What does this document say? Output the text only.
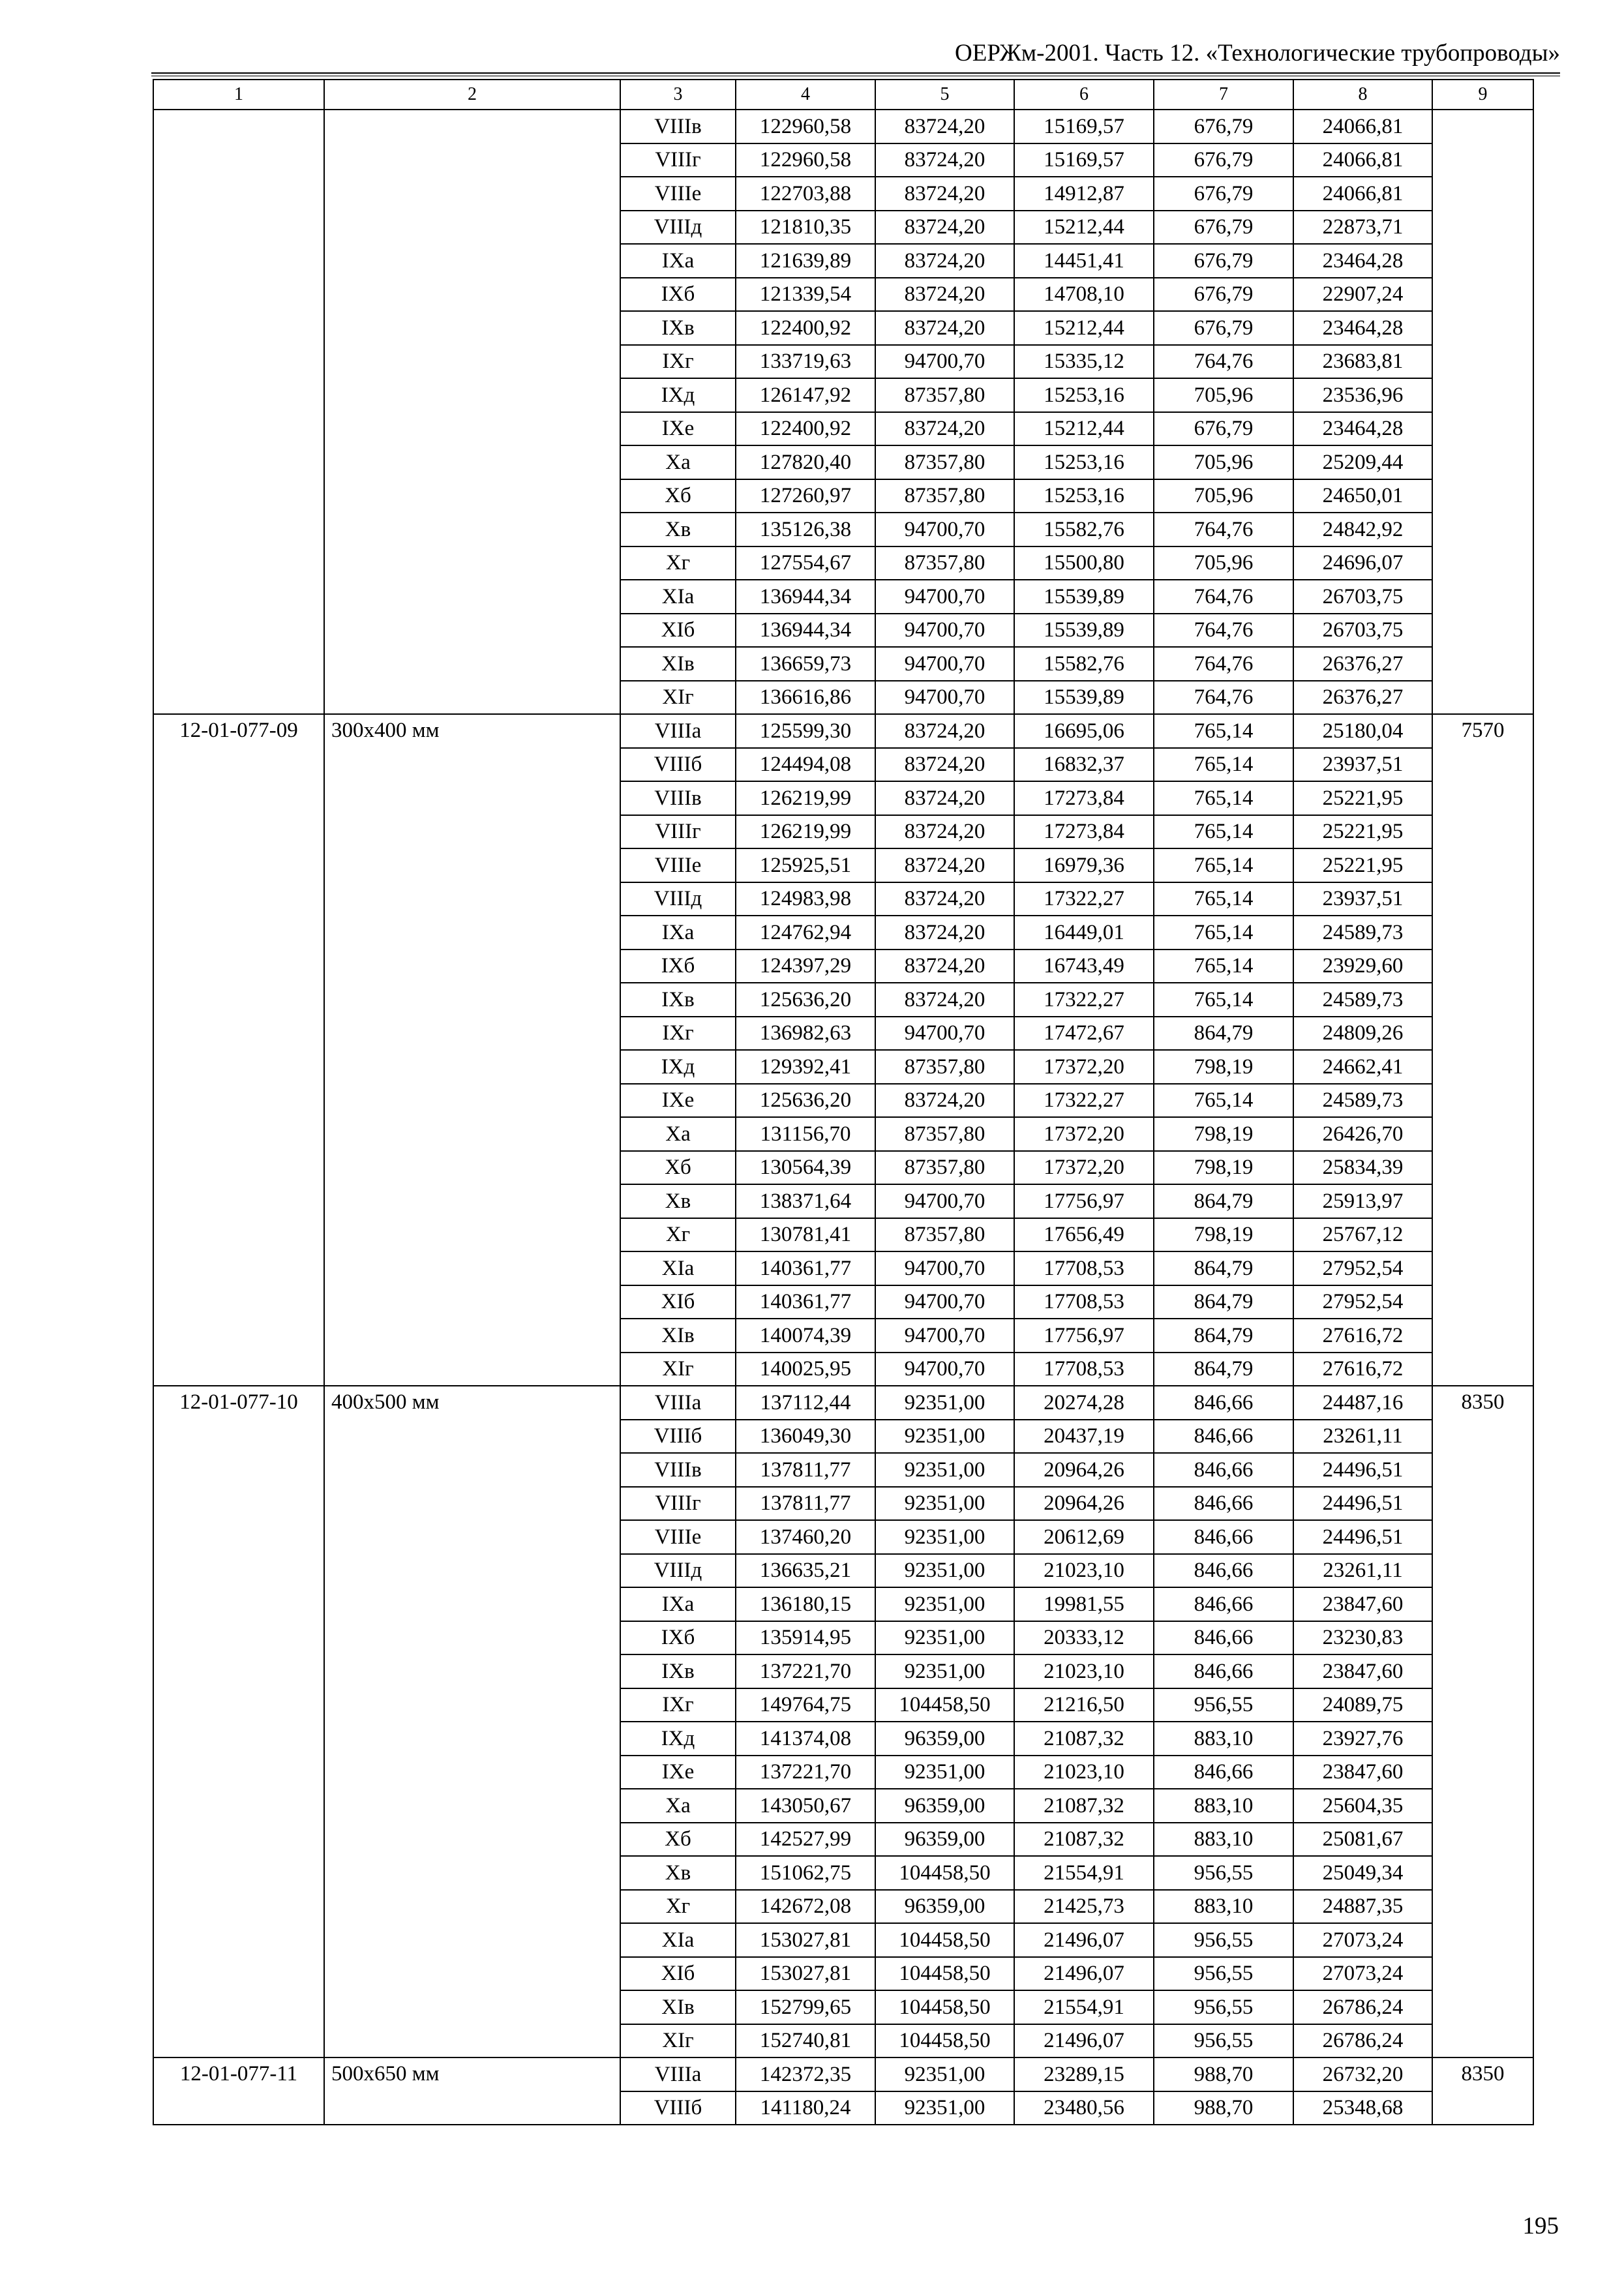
ОЕРЖм-2001. Часть 12. «Технологические трубопроводы»
1	2	3	4	5	6	7	8	9
		VIIIв	122960,58	83724,20	15169,57	676,79	24066,81	
		VIIIг	122960,58	83724,20	15169,57	676,79	24066,81	
		VIIIе	122703,88	83724,20	14912,87	676,79	24066,81	
		VIIIд	121810,35	83724,20	15212,44	676,79	22873,71	
		IXа	121639,89	83724,20	14451,41	676,79	23464,28	
		IXб	121339,54	83724,20	14708,10	676,79	22907,24	
		IXв	122400,92	83724,20	15212,44	676,79	23464,28	
		IXг	133719,63	94700,70	15335,12	764,76	23683,81	
		IXд	126147,92	87357,80	15253,16	705,96	23536,96	
		IXе	122400,92	83724,20	15212,44	676,79	23464,28	
		Xа	127820,40	87357,80	15253,16	705,96	25209,44	
		Xб	127260,97	87357,80	15253,16	705,96	24650,01	
		Xв	135126,38	94700,70	15582,76	764,76	24842,92	
		Xг	127554,67	87357,80	15500,80	705,96	24696,07	
		XIа	136944,34	94700,70	15539,89	764,76	26703,75	
		XIб	136944,34	94700,70	15539,89	764,76	26703,75	
		XIв	136659,73	94700,70	15582,76	764,76	26376,27	
		XIг	136616,86	94700,70	15539,89	764,76	26376,27	
12-01-077-09	300x400 мм	VIIIа	125599,30	83724,20	16695,06	765,14	25180,04	7570
		VIIIб	124494,08	83724,20	16832,37	765,14	23937,51	
		VIIIв	126219,99	83724,20	17273,84	765,14	25221,95	
		VIIIг	126219,99	83724,20	17273,84	765,14	25221,95	
		VIIIе	125925,51	83724,20	16979,36	765,14	25221,95	
		VIIIд	124983,98	83724,20	17322,27	765,14	23937,51	
		IXа	124762,94	83724,20	16449,01	765,14	24589,73	
		IXб	124397,29	83724,20	16743,49	765,14	23929,60	
		IXв	125636,20	83724,20	17322,27	765,14	24589,73	
		IXг	136982,63	94700,70	17472,67	864,79	24809,26	
		IXд	129392,41	87357,80	17372,20	798,19	24662,41	
		IXе	125636,20	83724,20	17322,27	765,14	24589,73	
		Xа	131156,70	87357,80	17372,20	798,19	26426,70	
		Xб	130564,39	87357,80	17372,20	798,19	25834,39	
		Xв	138371,64	94700,70	17756,97	864,79	25913,97	
		Xг	130781,41	87357,80	17656,49	798,19	25767,12	
		XIа	140361,77	94700,70	17708,53	864,79	27952,54	
		XIб	140361,77	94700,70	17708,53	864,79	27952,54	
		XIв	140074,39	94700,70	17756,97	864,79	27616,72	
		XIг	140025,95	94700,70	17708,53	864,79	27616,72	
12-01-077-10	400x500 мм	VIIIа	137112,44	92351,00	20274,28	846,66	24487,16	8350
		VIIIб	136049,30	92351,00	20437,19	846,66	23261,11	
		VIIIв	137811,77	92351,00	20964,26	846,66	24496,51	
		VIIIг	137811,77	92351,00	20964,26	846,66	24496,51	
		VIIIе	137460,20	92351,00	20612,69	846,66	24496,51	
		VIIIд	136635,21	92351,00	21023,10	846,66	23261,11	
		IXа	136180,15	92351,00	19981,55	846,66	23847,60	
		IXб	135914,95	92351,00	20333,12	846,66	23230,83	
		IXв	137221,70	92351,00	21023,10	846,66	23847,60	
		IXг	149764,75	104458,50	21216,50	956,55	24089,75	
		IXд	141374,08	96359,00	21087,32	883,10	23927,76	
		IXе	137221,70	92351,00	21023,10	846,66	23847,60	
		Xа	143050,67	96359,00	21087,32	883,10	25604,35	
		Xб	142527,99	96359,00	21087,32	883,10	25081,67	
		Xв	151062,75	104458,50	21554,91	956,55	25049,34	
		Xг	142672,08	96359,00	21425,73	883,10	24887,35	
		XIа	153027,81	104458,50	21496,07	956,55	27073,24	
		XIб	153027,81	104458,50	21496,07	956,55	27073,24	
		XIв	152799,65	104458,50	21554,91	956,55	26786,24	
		XIг	152740,81	104458,50	21496,07	956,55	26786,24	
12-01-077-11	500x650 мм	VIIIа	142372,35	92351,00	23289,15	988,70	26732,20	8350
		VIIIб	141180,24	92351,00	23480,56	988,70	25348,68	
195
